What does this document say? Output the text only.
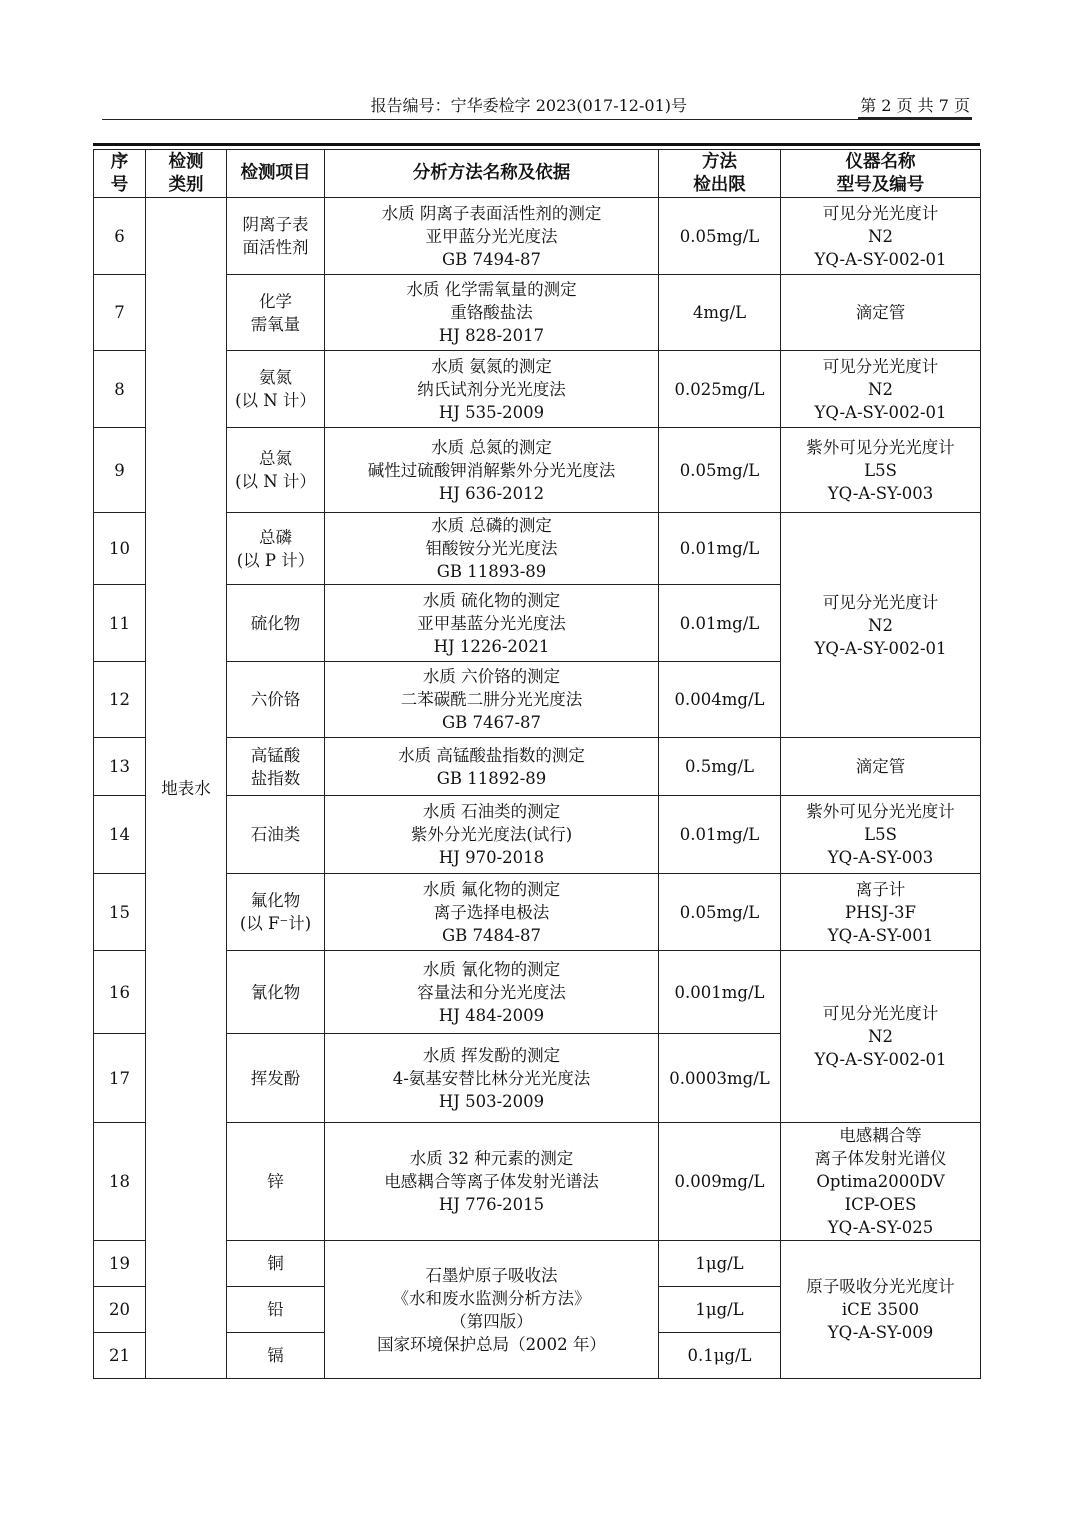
报告编号：宁华委检字 2023(017-12-01)号	第 2 页 共 7 页
序
号	检测
类别	检测项目	分析方法名称及依据	方法
检出限	仪器名称
型号及编号

6	地表水	阴离子表
面活性剂	水质 阴离子表面活性剂的测定
亚甲蓝分光光度法
GB 7494-87	0.05mg/L	可见分光光度计
N2
YQ-A-SY-002-01

7		化学
需氧量	水质 化学需氧量的测定
重铬酸盐法
HJ 828-2017	4mg/L	滴定管

8		氨氮
(以 N 计）	水质 氨氮的测定
纳氏试剂分光光度法
HJ 535-2009	0.025mg/L	可见分光光度计
N2
YQ-A-SY-002-01

9		总氮
(以 N 计）	水质 总氮的测定
碱性过硫酸钾消解紫外分光光度法
HJ 636-2012	0.05mg/L	紫外可见分光光度计
L5S
YQ-A-SY-003

10		总磷
(以 P 计）	水质 总磷的测定
钼酸铵分光光度法
GB 11893-89	0.01mg/L	可见分光光度计
N2
YQ-A-SY-002-01

11		硫化物	水质 硫化物的测定
亚甲基蓝分光光度法
HJ 1226-2021	0.01mg/L	
12		六价铬	水质 六价铬的测定
二苯碳酰二肼分光光度法
GB 7467-87	0.004mg/L	
13		高锰酸
盐指数	水质 高锰酸盐指数的测定
GB 11892-89	0.5mg/L	滴定管

14		石油类	水质 石油类的测定
紫外分光光度法(试行)
HJ 970-2018	0.01mg/L	紫外可见分光光度计
L5S
YQ-A-SY-003

15		氟化物
(以 F⁻计)	水质 氟化物的测定
离子选择电极法
GB 7484-87	0.05mg/L	离子计
PHSJ-3F
YQ-A-SY-001

16		氰化物	水质 氰化物的测定
容量法和分光光度法
HJ 484-2009	0.001mg/L	可见分光光度计
N2
YQ-A-SY-002-01

17		挥发酚	水质 挥发酚的测定
4-氨基安替比林分光光度法
HJ 503-2009	0.0003mg/L	
18		锌	水质 32 种元素的测定
电感耦合等离子体发射光谱法
HJ 776-2015	0.009mg/L	电感耦合等
离子体发射光谱仪
Optima2000DV
ICP-OES
YQ-A-SY-025

19		铜	石墨炉原子吸收法
《水和废水监测分析方法》
（第四版）
国家环境保护总局（2002 年）	1μg/L	原子吸收分光光度计
iCE 3500
YQ-A-SY-009

20		铅		1μg/L	
21		镉		0.1μg/L	
